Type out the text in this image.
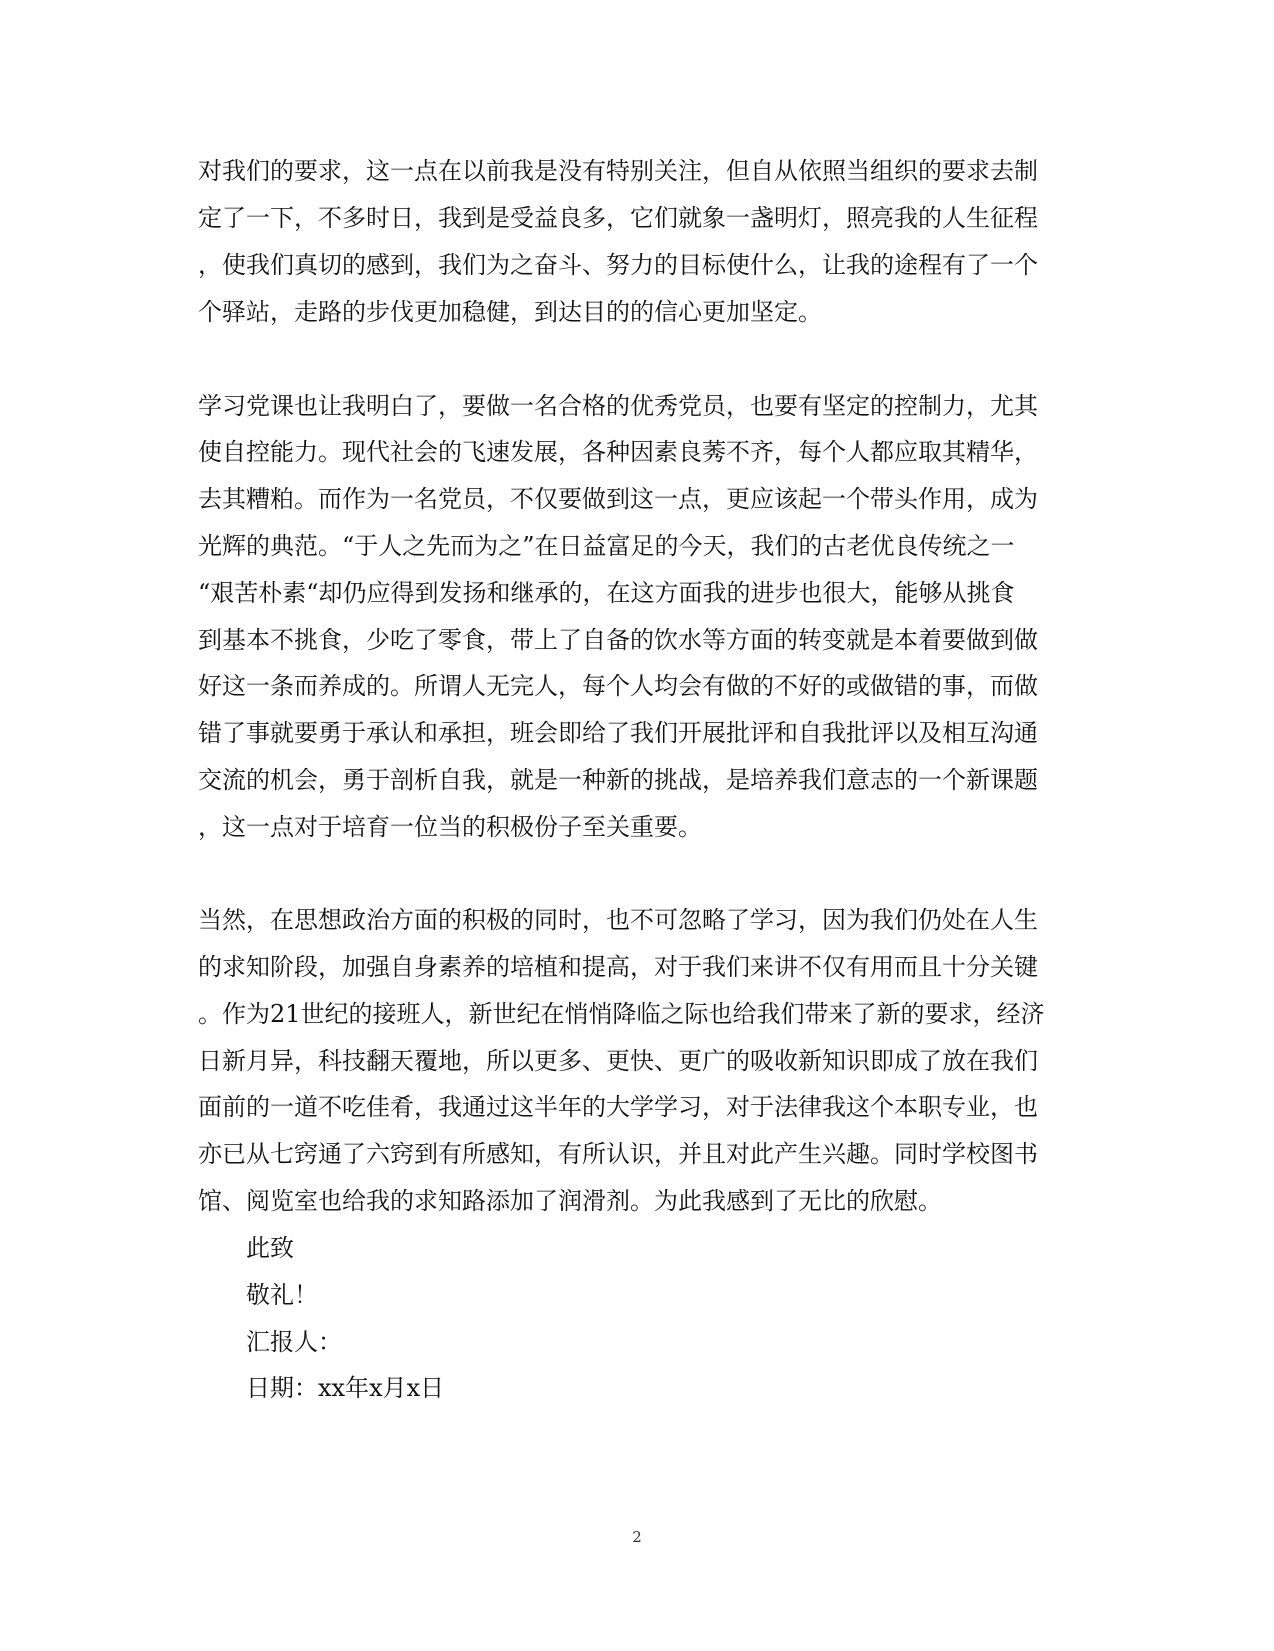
对我们的要求，这一点在以前我是没有特别关注，但自从依照当组织的要求去制
定了一下，不多时日，我到是受益良多，它们就象一盏明灯，照亮我的人生征程
，使我们真切的感到，我们为之奋斗、努力的目标使什么，让我的途程有了一个
个驿站，走路的步伐更加稳健，到达目的的信心更加坚定。
学习党课也让我明白了，要做一名合格的优秀党员，也要有坚定的控制力，尤其
使自控能力。现代社会的飞速发展，各种因素良莠不齐，每个人都应取其精华，
去其糟粕。而作为一名党员，不仅要做到这一点，更应该起一个带头作用，成为
光辉的典范。“于人之先而为之”在日益富足的今天，我们的古老优良传统之一
“艰苦朴素“却仍应得到发扬和继承的，在这方面我的进步也很大，能够从挑食
到基本不挑食，少吃了零食，带上了自备的饮水等方面的转变就是本着要做到做
好这一条而养成的。所谓人无完人，每个人均会有做的不好的或做错的事，而做
错了事就要勇于承认和承担，班会即给了我们开展批评和自我批评以及相互沟通
交流的机会，勇于剖析自我，就是一种新的挑战，是培养我们意志的一个新课题
，这一点对于培育一位当的积极份子至关重要。
当然，在思想政治方面的积极的同时，也不可忽略了学习，因为我们仍处在人生
的求知阶段，加强自身素养的培植和提高，对于我们来讲不仅有用而且十分关键
。作为21世纪的接班人，新世纪在悄悄降临之际也给我们带来了新的要求，经济
日新月异，科技翻天覆地，所以更多、更快、更广的吸收新知识即成了放在我们
面前的一道不吃佳肴，我通过这半年的大学学习，对于法律我这个本职专业，也
亦已从七窍通了六窍到有所感知，有所认识，并且对此产生兴趣。同时学校图书
馆、阅览室也给我的求知路添加了润滑剂。为此我感到了无比的欣慰。
此致
敬礼！
汇报人：
日期：xx年x月x日
2
